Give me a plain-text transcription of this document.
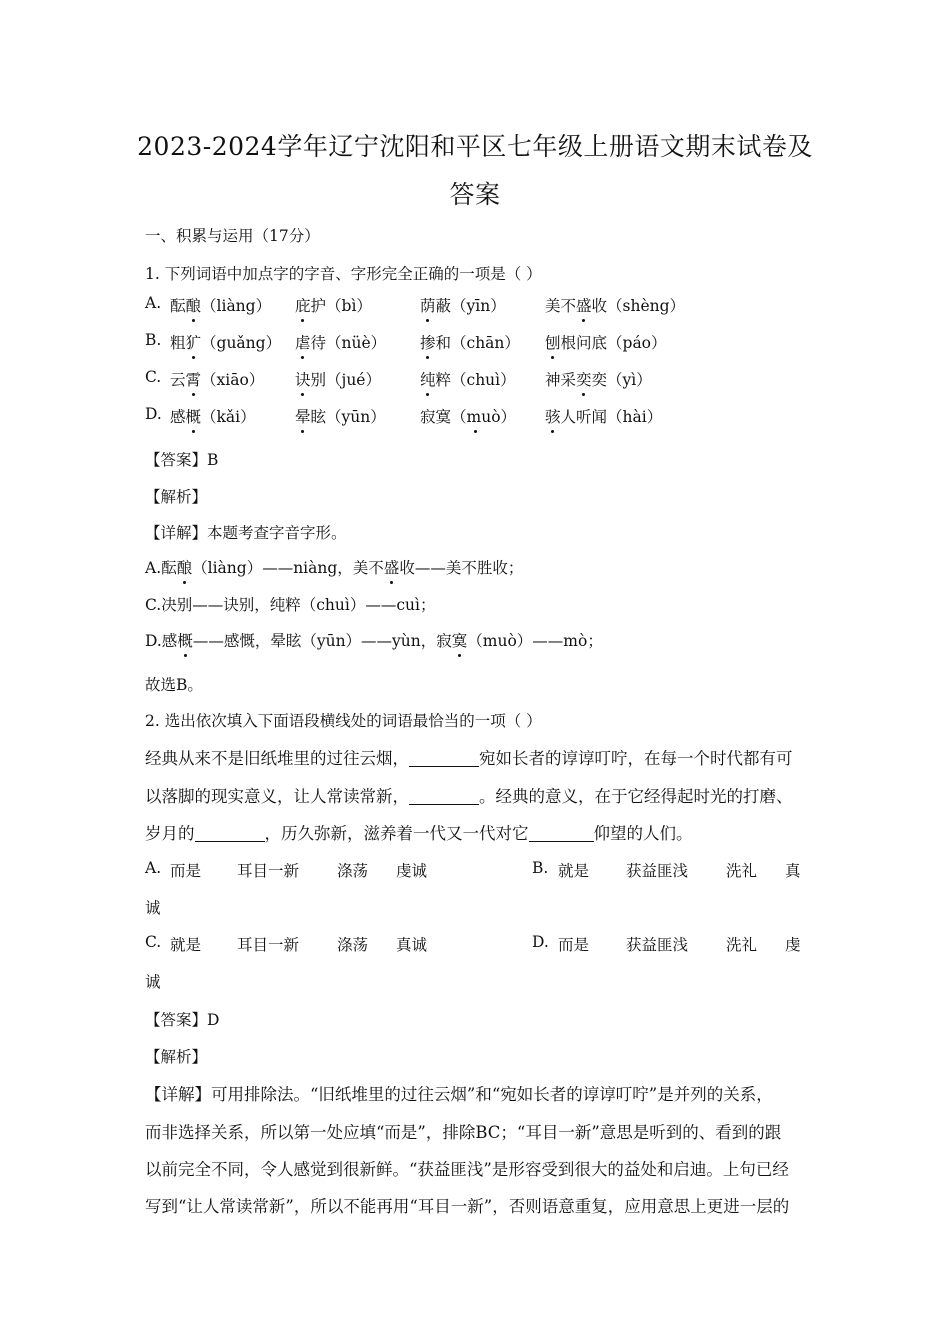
2023-2024学年辽宁沈阳和平区七年级上册语文期末试卷及
答案
一、积累与运用（17分）
1. 下列词语中加点字的字音、字形完全正确的一项是（ ）
A. 酝酿（liàng） 庇护（bì）	荫蔽（yīn）	美不盛收（shèng）
B. 粗犷（guǎng） 虐待（nüè） 掺和（chān） 刨根问底（páo）
C. 云霄（xiāo） 诀别（jué）	纯粹（chuì） 神采奕奕（yì）
D. 感概（kǎi）	晕眩（yūn） 寂寞（muò） 骇人听闻（hài）
【答案】B
【解析】
【详解】本题考查字音字形。
A.酝酿（liàng）——niàng，美不盛收——美不胜收；
C.决别——诀别，纯粹（chuì）——cuì；
D.感概——感慨，晕眩（yūn）——yùn，寂寞（muò）——mò；
故选B。
2. 选出依次填入下面语段横线处的词语最恰当的一项（ ）
经典从来不是旧纸堆里的过往云烟，	宛如长者的谆谆叮咛，在每一个时代都有可
以落脚的现实意义，让人常读常新，	。经典的意义，在于它经得起时光的打磨、
岁月的	，历久弥新，滋养着一代又一代对它	仰望的人们。
A. 而是 耳目一新 涤荡 虔诚	B. 就是 获益匪浅 洗礼 真
诚
C. 就是 耳目一新 涤荡 真诚	D. 而是 获益匪浅 洗礼 虔
诚
【答案】D
【解析】
【详解】可用排除法。“旧纸堆里的过往云烟”和“宛如长者的谆谆叮咛”是并列的关系，
而非选择关系，所以第一处应填“而是”，排除BC；“耳目一新”意思是听到的、看到的跟
以前完全不同，令人感觉到很新鲜。“获益匪浅”是形容受到很大的益处和启迪。上句已经
写到“让人常读常新”，所以不能再用“耳目一新”，否则语意重复，应用意思上更进一层的
